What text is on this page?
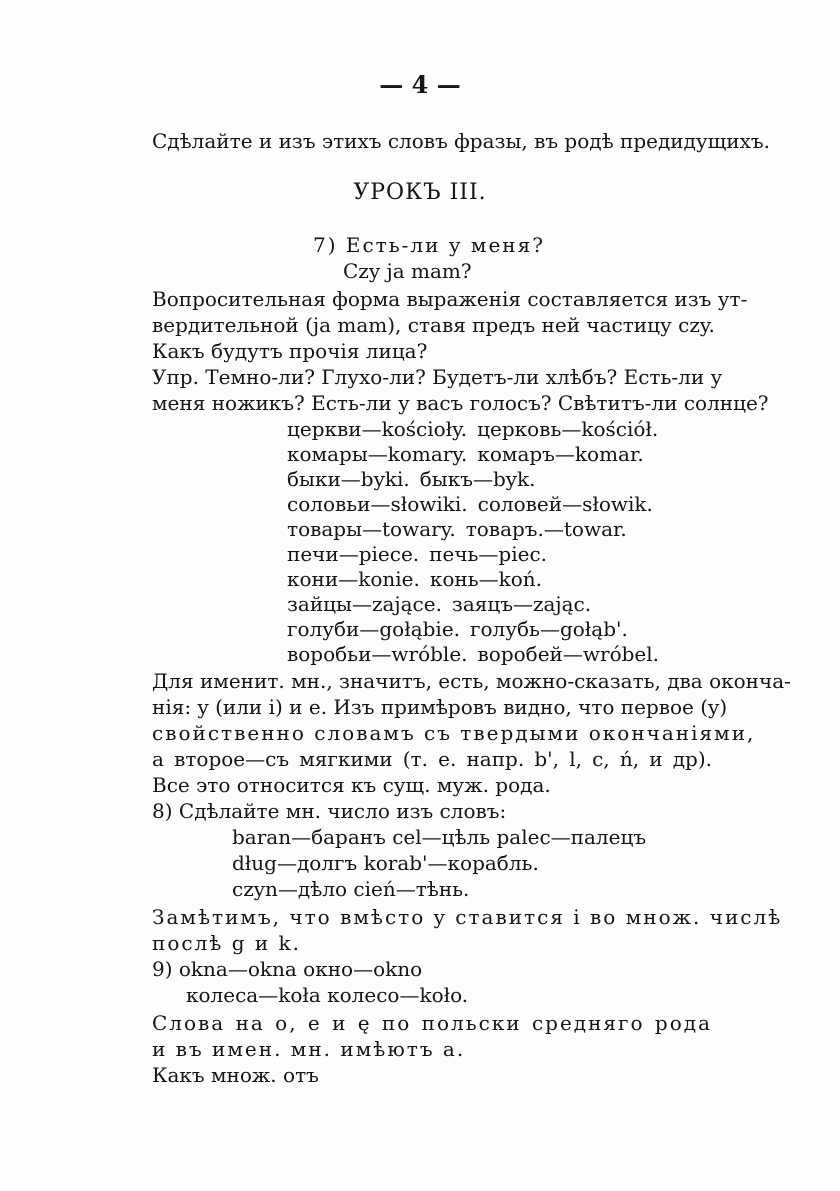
— 4 —
Сдѣлайте и изъ этихъ словъ фразы, въ родѣ предидущихъ.
УРОКЪ III.
7) Есть-ли у меня?
Czy ja mam?
Вопросительная форма выраженія составляется изъ ут-
вердительной (ja mam), ставя предъ ней частицу czy.
Какъ будутъ прочія лица?
Упр. Темно-ли? Глухо-ли? Будетъ-ли хлѣбъ? Есть-ли у
меня ножикъ? Есть-ли у васъ голосъ? Свѣтитъ-ли солнце?
церкви—kościoły. церковь—kościół.
комары—komary. комаръ—komar.
быки—byki. быкъ—byk.
соловьи—słowiki. соловей—słowik.
товары—towary. товаръ.—towar.
печи—piece. печь—piec.
кони—konie. конь—koń.
зайцы—zające. заяцъ—zając.
голуби—gołąbie. голубь—gołąb'.
воробьи—wróble. воробей—wróbel.
Для именит. мн., значитъ, есть, можно-сказать, два оконча-
нія: y (или i) и e. Изъ примѣровъ видно, что первое (y)
свойственно словамъ съ твердыми окончаніями,
а второе—съ мягкими (т. е. напр. b', l, c, ń, и др).
Все это относится къ сущ. муж. рода.
8) Сдѣлайте мн. число изъ словъ:
baran—баранъ cel—цѣль palec—палецъ
dług—долгъ korab'—корабль.
czyn—дѣло cień—тѣнь.
Замѣтимъ, что вмѣсто y ставится i во множ. числѣ
послѣ g и k.
9) okna—okna окно—okno
колеса—koła колесо—koło.
Слова на o, e и ę по польски средняго рода
и въ имен. мн. имѣютъ a.
Какъ множ. отъ
